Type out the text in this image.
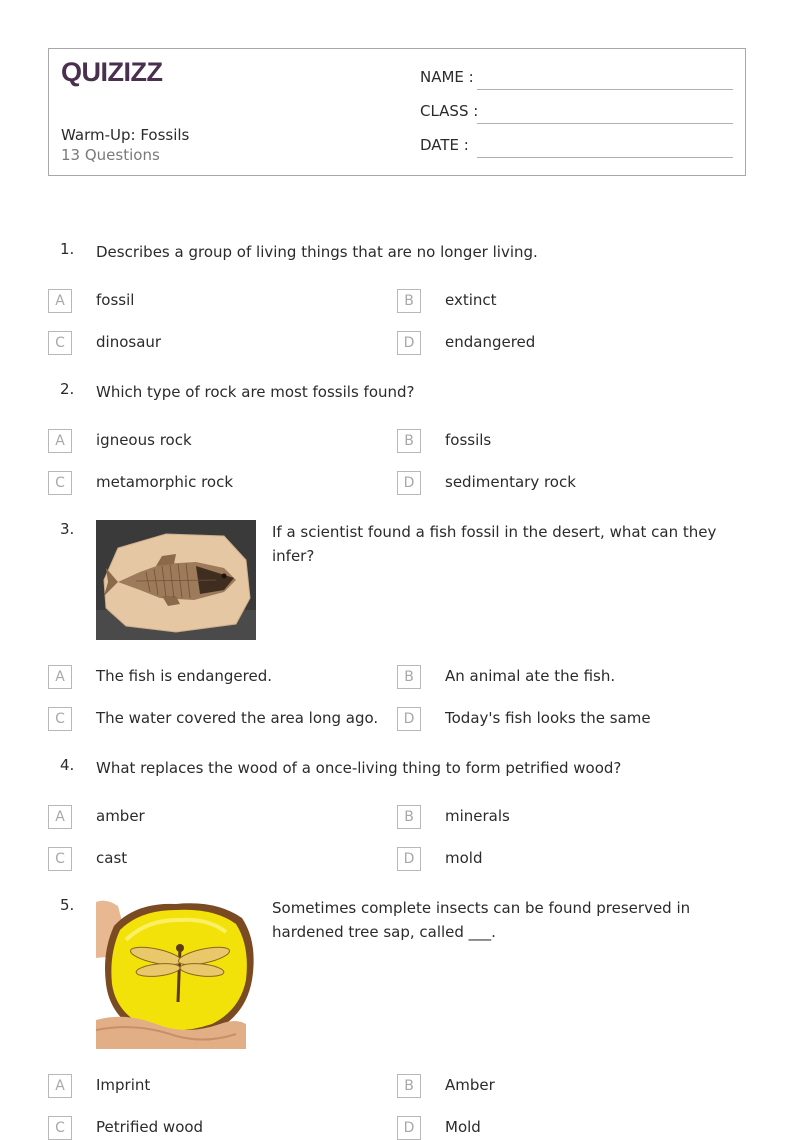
QUIZIZZ
Warm-Up: Fossils
13 Questions
NAME :
CLASS :
DATE :
1. Describes a group of living things that are no longer living.
A	fossil	B	extinct
C	dinosaur	D	endangered
2. Which type of rock are most fossils found?
A	igneous rock	B	fossils
C	metamorphic rock	D	sedimentary rock
3.	If a scientist found a fish fossil in the desert, what can they infer?
A	The fish is endangered.	B	An animal ate the fish.
C	The water covered the area long ago.	D	Today's fish looks the same
4. What replaces the wood of a once-living thing to form petrified wood?
A	amber	B	minerals
C	cast	D	mold
5.	Sometimes complete insects can be found preserved in hardened tree sap, called ___.
A	Imprint	B	Amber
C	Petrified wood	D	Mold
